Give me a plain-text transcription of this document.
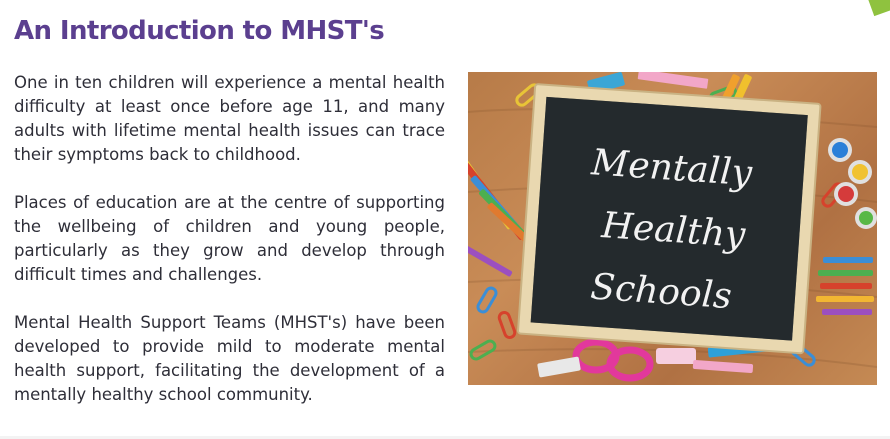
An Introduction to MHST's

One in ten children will experience a mental health difficulty at least once before age 11, and many adults with lifetime mental health issues can trace their symptoms back to childhood.

Places of education are at the centre of supporting the wellbeing of children and young people, particularly as they grow and develop through difficult times and challenges.

Mental Health Support Teams (MHST's) have been developed to provide mild to moderate mental health support, facilitating the development of a mentally healthy school community.

Mentally
Healthy
Schools
